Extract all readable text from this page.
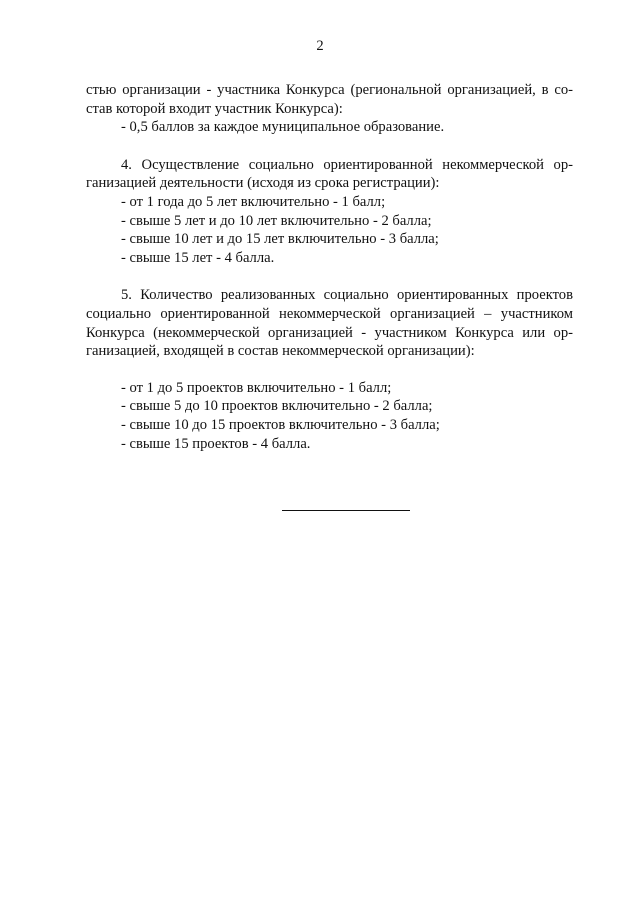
2
стью организации - участника Конкурса (региональной организацией, в со-
став которой входит участник Конкурса):
- 0,5 баллов за каждое муниципальное образование.
4. Осуществление социально ориентированной некоммерческой ор-
ганизацией деятельности (исходя из срока регистрации):
- от 1 года до 5 лет включительно - 1 балл;
- свыше 5 лет и до 10 лет включительно - 2 балла;
- свыше 10 лет и до 15 лет включительно - 3 балла;
- свыше 15 лет - 4 балла.
5. Количество реализованных социально ориентированных проектов
социально ориентированной некоммерческой организацией – участником
Конкурса (некоммерческой организацией - участником Конкурса или ор-
ганизацией, входящей в состав некоммерческой организации):
- от 1 до 5 проектов включительно - 1 балл;
- свыше 5 до 10 проектов включительно - 2 балла;
- свыше 10 до 15 проектов включительно - 3 балла;
- свыше 15 проектов - 4 балла.
